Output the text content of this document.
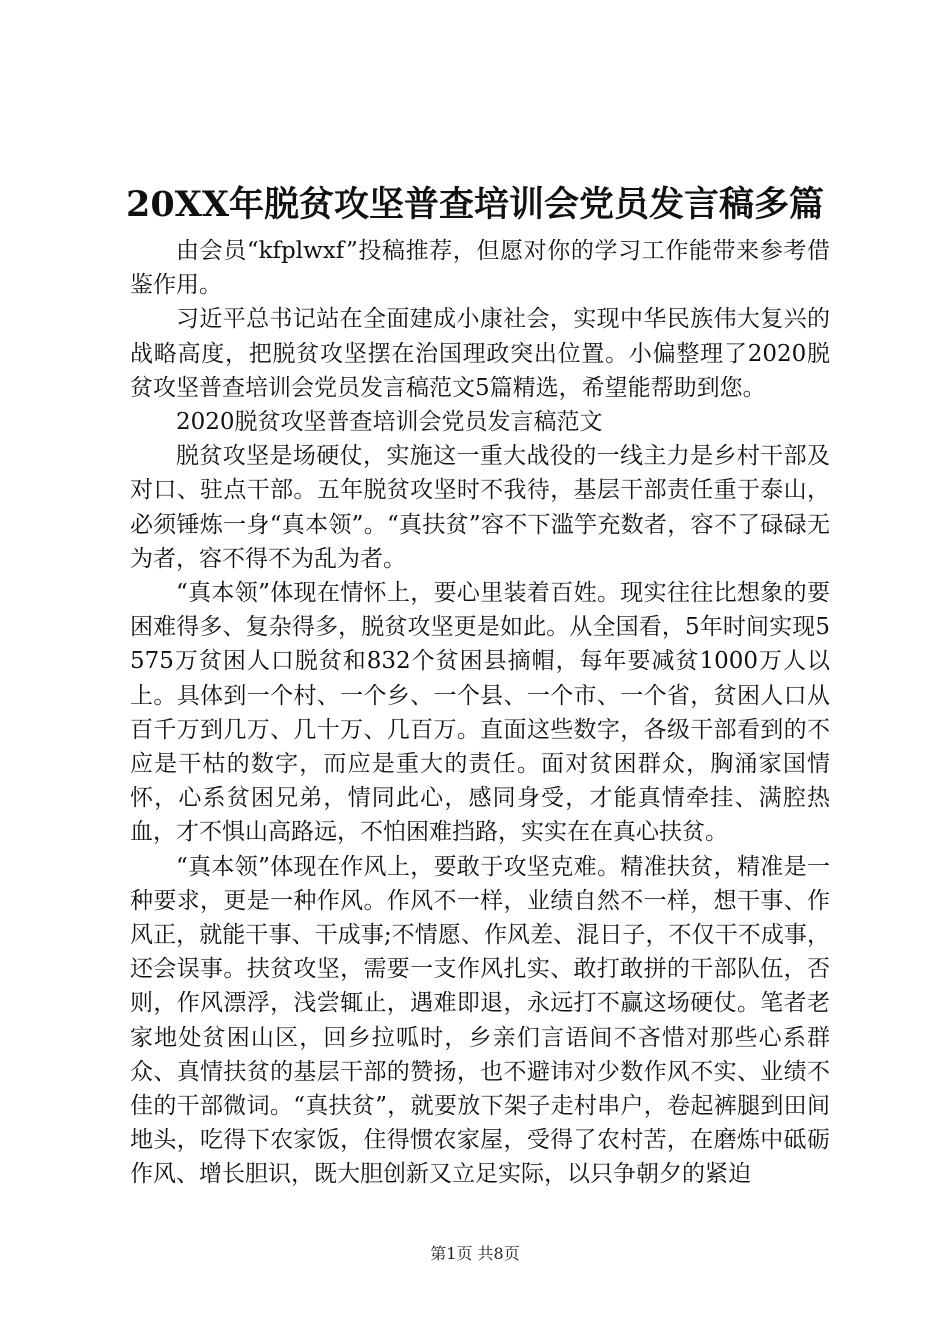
20XX年脱贫攻坚普查培训会党员发言稿多篇

由会员“kfplwxf”投稿推荐，但愿对你的学习工作能带来参考借鉴作用。

习近平总书记站在全面建成小康社会，实现中华民族伟大复兴的战略高度，把脱贫攻坚摆在治国理政突出位置。小偏整理了2020脱贫攻坚普查培训会党员发言稿范文5篇精选，希望能帮助到您。

2020脱贫攻坚普查培训会党员发言稿范文

脱贫攻坚是场硬仗，实施这一重大战役的一线主力是乡村干部及对口、驻点干部。五年脱贫攻坚时不我待，基层干部责任重于泰山，必须锤炼一身“真本领”。“真扶贫”容不下滥竽充数者，容不了碌碌无为者，容不得不为乱为者。

“真本领”体现在情怀上，要心里装着百姓。现实往往比想象的要困难得多、复杂得多，脱贫攻坚更是如此。从全国看，5年时间实现5575万贫困人口脱贫和832个贫困县摘帽，每年要减贫1000万人以上。具体到一个村、一个乡、一个县、一个市、一个省，贫困人口从百千万到几万、几十万、几百万。直面这些数字，各级干部看到的不应是干枯的数字，而应是重大的责任。面对贫困群众，胸涌家国情怀，心系贫困兄弟，情同此心，感同身受，才能真情牵挂、满腔热血，才不惧山高路远，不怕困难挡路，实实在在真心扶贫。

“真本领”体现在作风上，要敢于攻坚克难。精准扶贫，精准是一种要求，更是一种作风。作风不一样，业绩自然不一样，想干事、作风正，就能干事、干成事;不情愿、作风差、混日子，不仅干不成事，还会误事。扶贫攻坚，需要一支作风扎实、敢打敢拼的干部队伍，否则，作风漂浮，浅尝辄止，遇难即退，永远打不赢这场硬仗。笔者老家地处贫困山区，回乡拉呱时，乡亲们言语间不吝惜对那些心系群众、真情扶贫的基层干部的赞扬，也不避讳对少数作风不实、业绩不佳的干部微词。“真扶贫”，就要放下架子走村串户，卷起裤腿到田间地头，吃得下农家饭，住得惯农家屋，受得了农村苦，在磨炼中砥砺作风、增长胆识，既大胆创新又立足实际，以只争朝夕的紧迫

第1页 共8页
